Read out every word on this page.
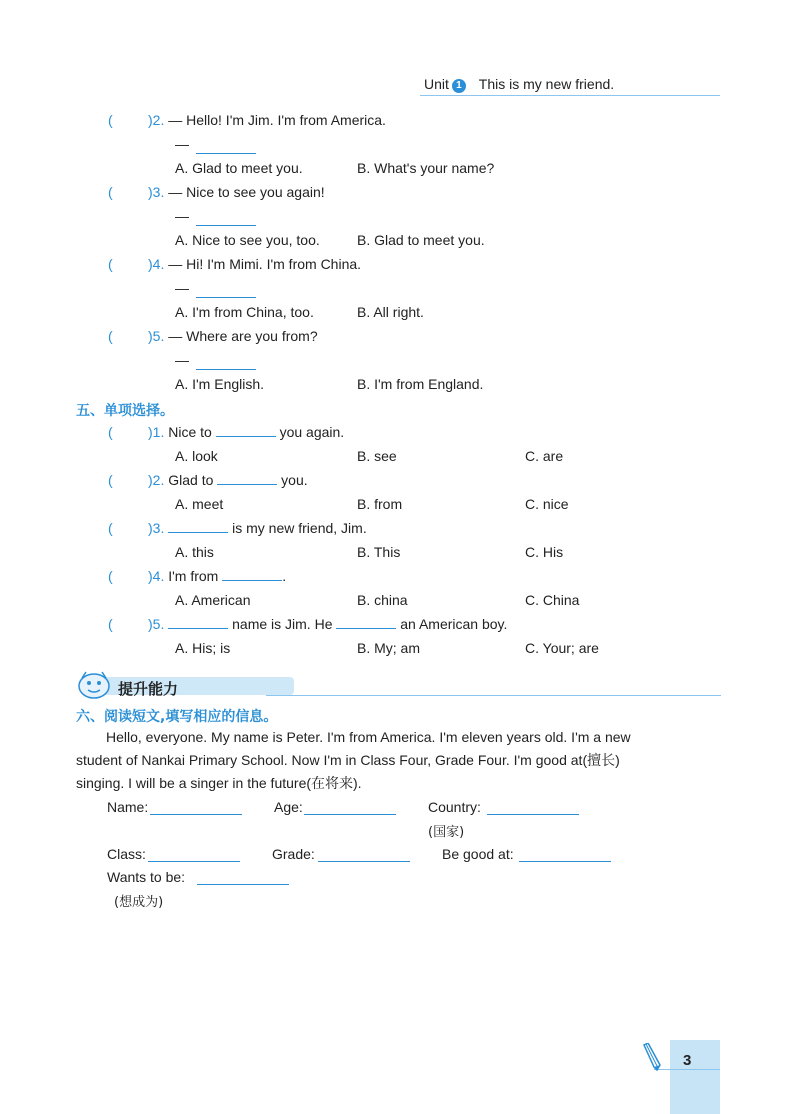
Unit 1 This is my new friend.
(	)2. — Hello! I'm Jim. I'm from America.
—
A. Glad to meet you.	B. What's your name?
(	)3. — Nice to see you again!
—
A. Nice to see you, too.	B. Glad to meet you.
(	)4. — Hi! I'm Mimi. I'm from China.
—
A. I'm from China, too.	B. All right.
(	)5. — Where are you from?
—
A. I'm English.	B. I'm from England.
五、单项选择。
(	)1. Nice to	you again.
A. look	B. see	C. are
(	)2. Glad to	you.
A. meet	B. from	C. nice
(	)3.	is my new friend, Jim.
A. this	B. This	C. His
(	)4. I'm from	.
A. American	B. china	C. China
(	)5.	name is Jim. He	an American boy.
A. His; is	B. My; am	C. Your; are
提升能力
六、阅读短文,填写相应的信息。
Hello, everyone. My name is Peter. I'm from America. I'm eleven years old. I'm a new
student of Nankai Primary School. Now I'm in Class Four, Grade Four. I'm good at(擅长)
singing. I will be a singer in the future(在将来).
Name:	Age:	Country:
(国家)
Class:	Grade:	Be good at:
Wants to be:
(想成为)
3
